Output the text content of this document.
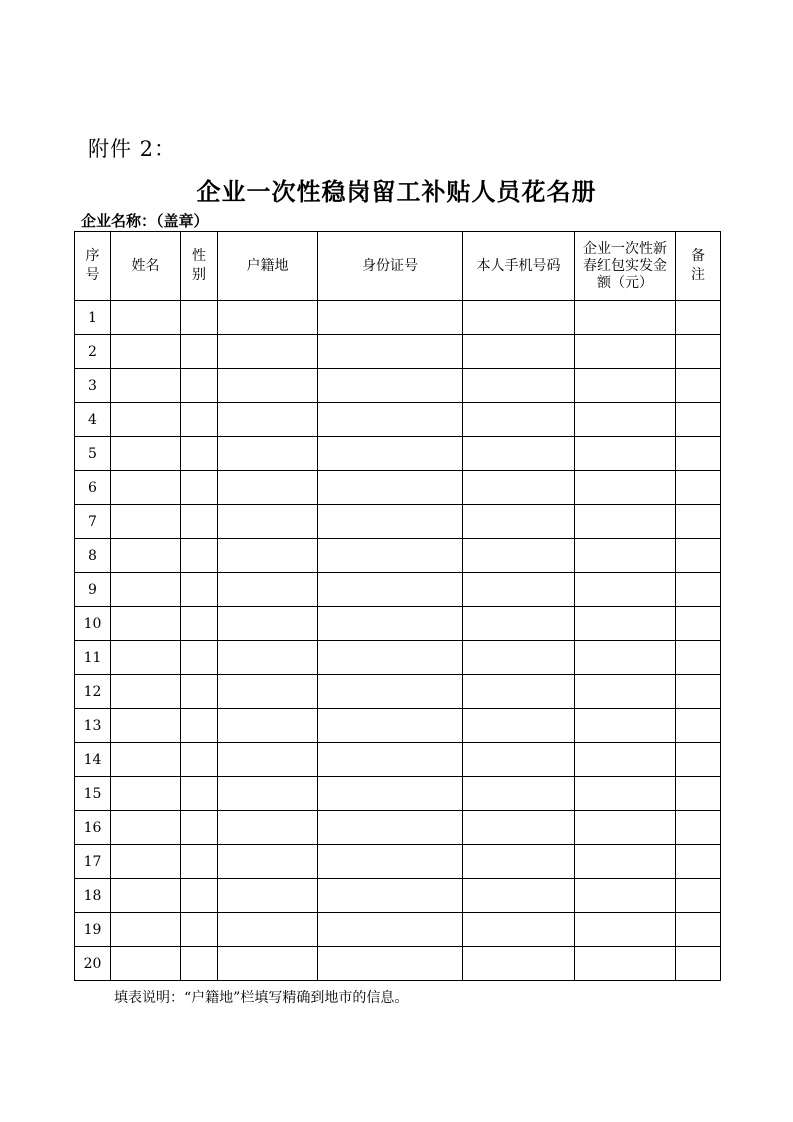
附件 2：
企业一次性稳岗留工补贴人员花名册
企业名称：（盖章）
序号	姓名	性别	户籍地	身份证号	本人手机号码	企业一次性新春红包实发金额（元）	备注
1							
2							
3							
4							
5							
6							
7							
8							
9							
10							
11							
12							
13							
14							
15							
16							
17							
18							
19							
20							
填表说明：“户籍地”栏填写精确到地市的信息。
